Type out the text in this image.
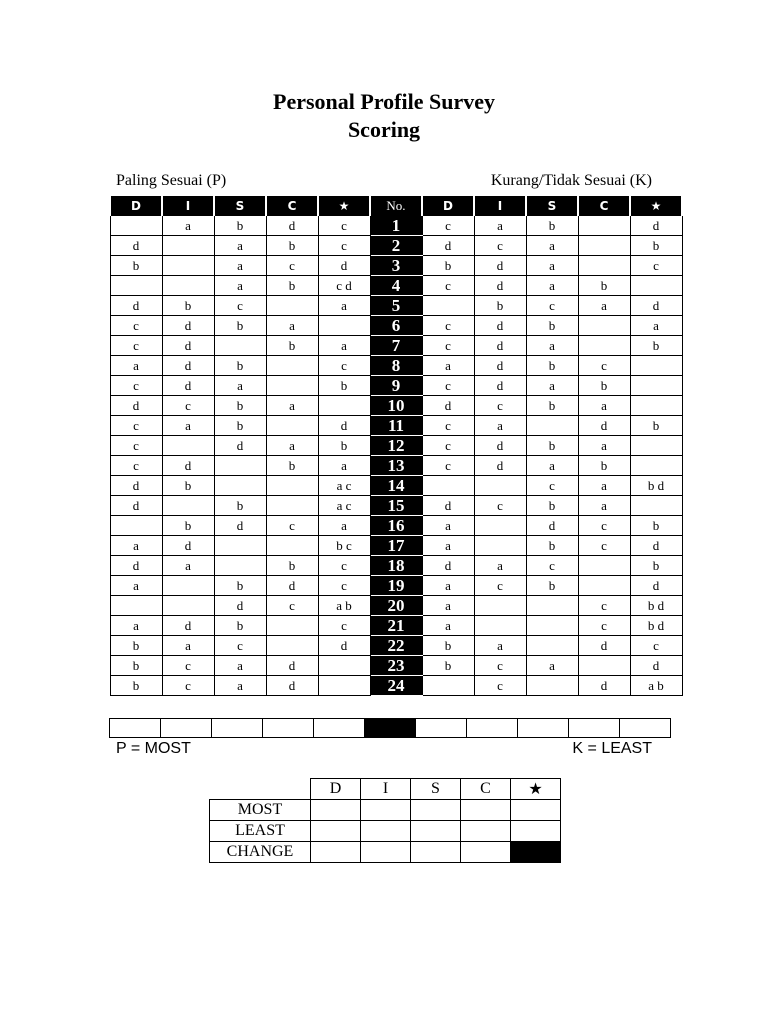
Personal Profile Survey
Scoring
Paling Sesuai (P)	Kurang/Tidak Sesuai (K)
D	I	S	C	★	No.	D	I	S	C	★
	a	b	d	c	1	c	a	b		d
d		a	b	c	2	d	c	a		b
b		a	c	d	3	b	d	a		c
		a	b	c d	4	c	d	a	b	
d	b	c		a	5		b	c	a	d
c	d	b	a		6	c	d	b		a
c	d		b	a	7	c	d	a		b
a	d	b		c	8	a	d	b	c	
c	d	a		b	9	c	d	a	b	
d	c	b	a		10	d	c	b	a	
c	a	b		d	11	c	a		d	b
c		d	a	b	12	c	d	b	a	
c	d		b	a	13	c	d	a	b	
d	b			a c	14			c	a	b d
d		b		a c	15	d	c	b	a	
	b	d	c	a	16	a		d	c	b
a	d			b c	17	a		b	c	d
d	a		b	c	18	d	a	c		b
a		b	d	c	19	a	c	b		d
		d	c	a b	20	a			c	b d
a	d	b		c	21	a			c	b d
b	a	c		d	22	b	a		d	c
b	c	a	d		23	b	c	a		d
b	c	a	d		24		c		d	a b

P = MOST	K = LEAST
	D	I	S	C	★
MOST					
LEAST					
CHANGE					
